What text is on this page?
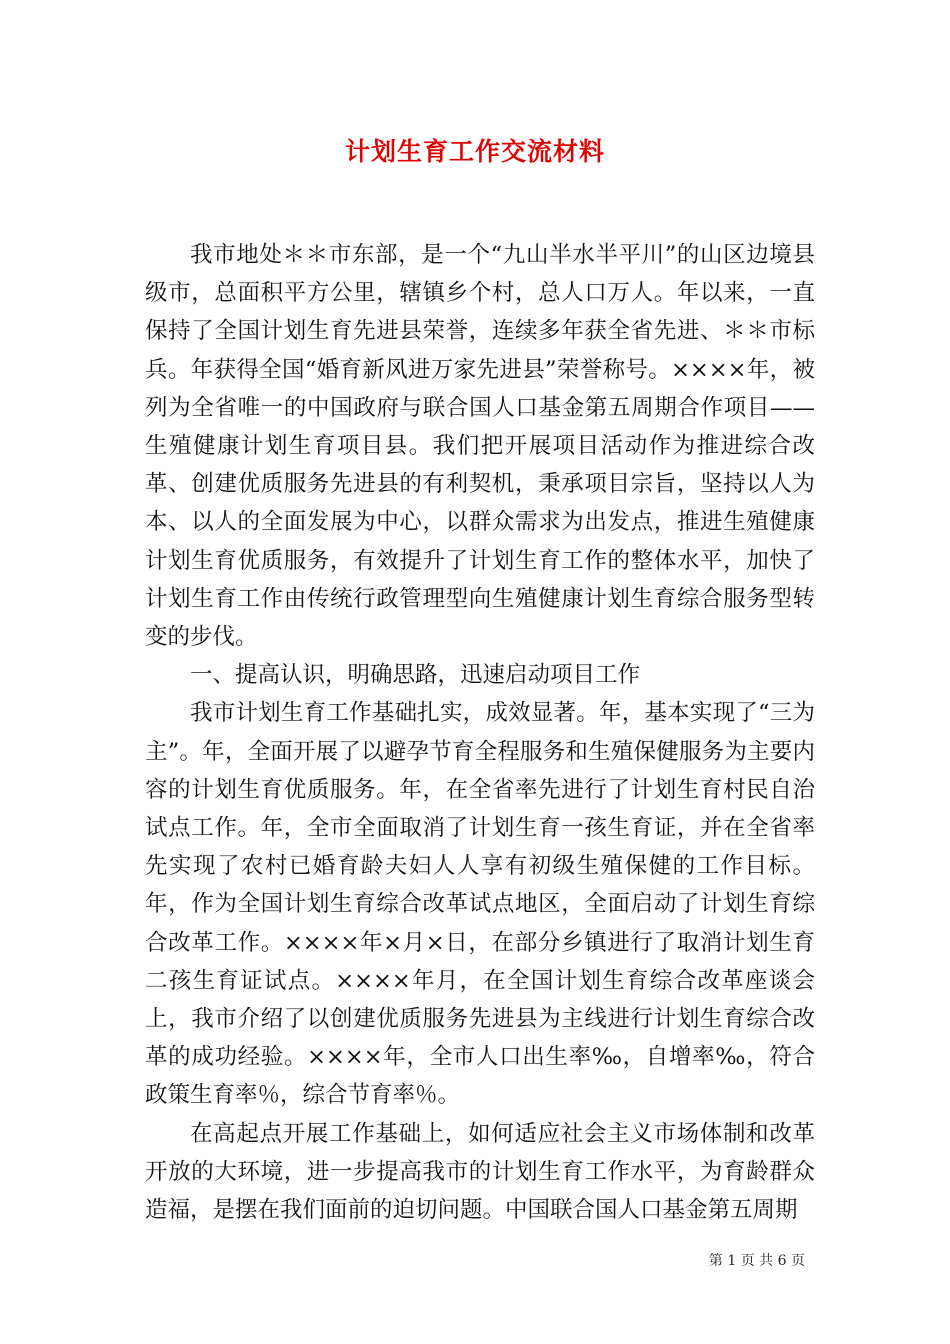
计划生育工作交流材料

我市地处＊＊市东部，是一个“九山半水半平川”的山区边境县级市，总面积平方公里，辖镇乡个村，总人口万人。年以来，一直保持了全国计划生育先进县荣誉，连续多年获全省先进、＊＊市标兵。年获得全国“婚育新风进万家先进县”荣誉称号。××××年，被列为全省唯一的中国政府与联合国人口基金第五周期合作项目——生殖健康计划生育项目县。我们把开展项目活动作为推进综合改革、创建优质服务先进县的有利契机，秉承项目宗旨，坚持以人为本、以人的全面发展为中心，以群众需求为出发点，推进生殖健康计划生育优质服务，有效提升了计划生育工作的整体水平，加快了计划生育工作由传统行政管理型向生殖健康计划生育综合服务型转变的步伐。

一、提高认识，明确思路，迅速启动项目工作

我市计划生育工作基础扎实，成效显著。年，基本实现了“三为主”。年，全面开展了以避孕节育全程服务和生殖保健服务为主要内容的计划生育优质服务。年，在全省率先进行了计划生育村民自治试点工作。年，全市全面取消了计划生育一孩生育证，并在全省率先实现了农村已婚育龄夫妇人人享有初级生殖保健的工作目标。年，作为全国计划生育综合改革试点地区，全面启动了计划生育综合改革工作。××××年×月×日，在部分乡镇进行了取消计划生育二孩生育证试点。××××年月，在全国计划生育综合改革座谈会上，我市介绍了以创建优质服务先进县为主线进行计划生育综合改革的成功经验。××××年，全市人口出生率‰，自增率‰，符合政策生育率％，综合节育率％。

在高起点开展工作基础上，如何适应社会主义市场体制和改革开放的大环境，进一步提高我市的计划生育工作水平，为育龄群众造福，是摆在我们面前的迫切问题。中国联合国人口基金第五周期

第 1 页 共 6 页
